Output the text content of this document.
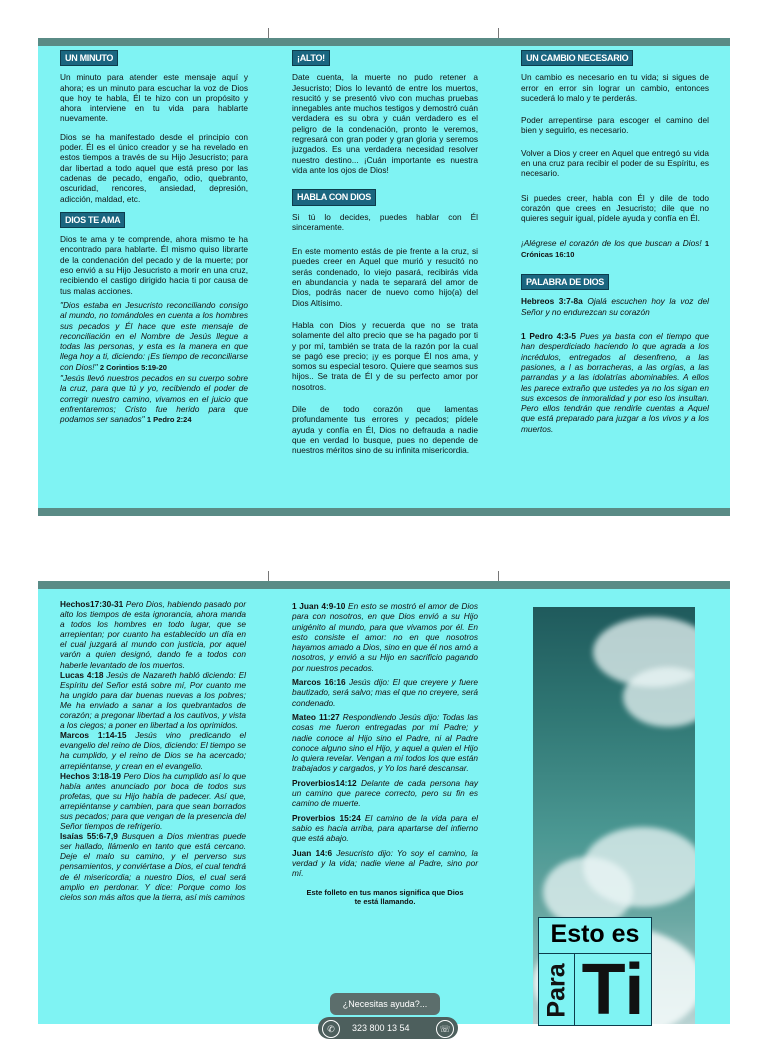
UN MINUTO

Un minuto para atender este mensaje aquí y ahora; es un minuto para escuchar la voz de Dios que hoy te habla, Él te hizo con un propósito y ahora interviene en tu vida para hablarte nuevamente.

Dios se ha manifestado desde el principio con poder. Él es el único creador y se ha revelado en estos tiempos a través de su Hijo Jesucristo; para dar libertad a todo aquel que está preso por las cadenas de pecado, engaño, odio, quebranto, oscuridad, rencores, ansiedad, depresión, adicción, maldad, etc.

DIOS TE AMA

Dios te ama y te comprende, ahora mismo te ha encontrado para hablarte. Él mismo quiso librarte de la condenación del pecado y de la muerte; por eso envió a su Hijo Jesucristo a morir en una cruz, recibiendo el castigo dirigido hacia ti por causa de tus malas acciones.

"Dios estaba en Jesucristo reconciliando consigo al mundo, no tomándoles en cuenta a los hombres sus pecados y Él hace que este mensaje de reconciliación en el Nombre de Jesús llegue a todas las personas, y esta es la manera en que llega hoy a ti, diciendo: ¡Es tiempo de reconciliarse con Dios!" 2 Corintios 5:19-20

"Jesús llevó nuestros pecados en su cuerpo sobre la cruz, para que tú y yo, recibiendo el poder de corregir nuestro camino, vivamos en el juicio que enfrentaremos; Cristo fue herido para que podamos ser sanados" 1 Pedro 2:24

¡ALTO!

Date cuenta, la muerte no pudo retener a Jesucristo; Dios lo levantó de entre los muertos, resucitó y se presentó vivo con muchas pruebas innegables ante muchos testigos y demostró cuán verdadera es su obra y cuán verdadero es el peligro de la condenación, pronto le veremos, regresará con gran poder y gran gloria y seremos juzgados. Es una verdadera necesidad resolver nuestro destino... ¡Cuán importante es nuestra vida ante los ojos de Dios!

HABLA CON DIOS

Si tú lo decides, puedes hablar con Él sinceramente.

En este momento estás de pie frente a la cruz, si puedes creer en Aquel que murió y resucitó no serás condenado, lo viejo pasará, recibirás vida en abundancia y nada te separará del amor de Dios, podrás nacer de nuevo como hijo(a) del Dios Altísimo.

Habla con Dios y recuerda que no se trata solamente del alto precio que se ha pagado por ti y por mí, también se trata de la razón por la cual se pagó ese precio; ¡y es porque Él nos ama, y somos su especial tesoro. Quiere que seamos sus hijos.. Se trata de Él y de su perfecto amor por nosotros.

Dile de todo corazón que lamentas profundamente tus errores y pecados; pídele ayuda y confía en Él, Dios no defrauda a nadie que en verdad lo busque, pues no depende de nuestros méritos sino de su infinita misericordia.

UN CAMBIO NECESARIO

Un cambio es necesario en tu vida; si sigues de error en error sin lograr un cambio, entonces sucederá lo malo y te perderás.

Poder arrepentirse para escoger el camino del bien y seguirlo, es necesario.

Volver a Dios y creer en Aquel que entregó su vida en una cruz para recibir el poder de su Espíritu, es necesario.

Si puedes creer, habla con Él y dile de todo corazón que crees en Jesucristo; dile que no quieres seguir igual, pídele ayuda y confía en Él.

¡Alégrese el corazón de los que buscan a Dios! 1 Crónicas 16:10

PALABRA DE DIOS

Hebreos 3:7-8a Ojalá escuchen hoy la voz del Señor y no endurezcan su corazón

1 Pedro 4:3-5 Pues ya basta con el tiempo que han desperdiciado haciendo lo que agrada a los incrédulos, entregados al desenfreno, a las pasiones, a l as borracheras, a las orgías, a las parrandas y a las idolatrías abominables. A ellos les parece extraño que ustedes ya no los sigan en sus excesos de inmoralidad y por eso los insultan. Pero ellos tendrán que rendirle cuentas a Aquel que está preparado para juzgar a los vivos y a los muertos.

Hechos17:30-31 Pero Dios, habiendo pasado por alto los tiempos de esta ignorancia, ahora manda a todos los hombres en todo lugar, que se arrepientan; por cuanto ha establecido un día en el cual juzgará al mundo con justicia, por aquel varón a quien designó, dando fe a todos con haberle levantado de los muertos.

Lucas 4:18 Jesús de Nazareth habló diciendo: El Espíritu del Señor está sobre mí, Por cuanto me ha ungido para dar buenas nuevas a los pobres; Me ha enviado a sanar a los quebrantados de corazón; a pregonar libertad a los cautivos, y vista a los ciegos; a poner en libertad a los oprimidos.

Marcos 1:14-15 Jesús vino predicando el evangelio del reino de Dios, diciendo: El tiempo se ha cumplido, y el reino de Dios se ha acercado; arrepiéntanse, y crean en el evangelio.

Hechos 3:18-19 Pero Dios ha cumplido así lo que había antes anunciado por boca de todos sus profetas, que su Hijo había de padecer. Así que, arrepiéntanse y cambien, para que sean borrados sus pecados; para que vengan de la presencia del Señor tiempos de refrigerio.

Isaías 55:6-7,9 Busquen a Dios mientras puede ser hallado, llámenlo en tanto que está cercano. Deje el malo su camino, y el perverso sus pensamientos, y conviértase a Dios, el cual tendrá de él misericordia; a nuestro Dios, el cual será amplio en perdonar. Y dice: Porque como los cielos son más altos que la tierra, así mis caminos

1 Juan 4:9-10 En esto se mostró el amor de Dios para con nosotros, en que Dios envió a su Hijo unigénito al mundo, para que vivamos por él. En esto consiste el amor: no en que nosotros hayamos amado a Dios, sino en que él nos amó a nosotros, y envió a su Hijo en sacrificio pagando por nuestros pecados.

Marcos 16:16 Jesús dijo: El que creyere y fuere bautizado, será salvo; mas el que no creyere, será condenado.

Mateo 11:27 Respondiendo Jesús dijo: Todas las cosas me fueron entregadas por mi Padre; y nadie conoce al Hijo sino el Padre, ni al Padre conoce alguno sino el Hijo, y aquel a quien el Hijo lo quiera revelar. Vengan a mí todos los que están trabajados y cargados, y Yo los haré descansar.

Proverbios14:12 Delante de cada persona hay un camino que parece correcto, pero su fin es camino de muerte.

Proverbios 15:24 El camino de la vida para el sabio es hacia arriba, para apartarse del infierno que está abajo.

Juan 14:6 Jesucristo dijo: Yo soy el camino, la verdad y la vida; nadie viene al Padre, sino por mí.

Este folleto en tus manos significa que Dios te está llamando.

¿Necesitas ayuda?...
✆	323 800 13 54	☏
Esto es
Para Ti
